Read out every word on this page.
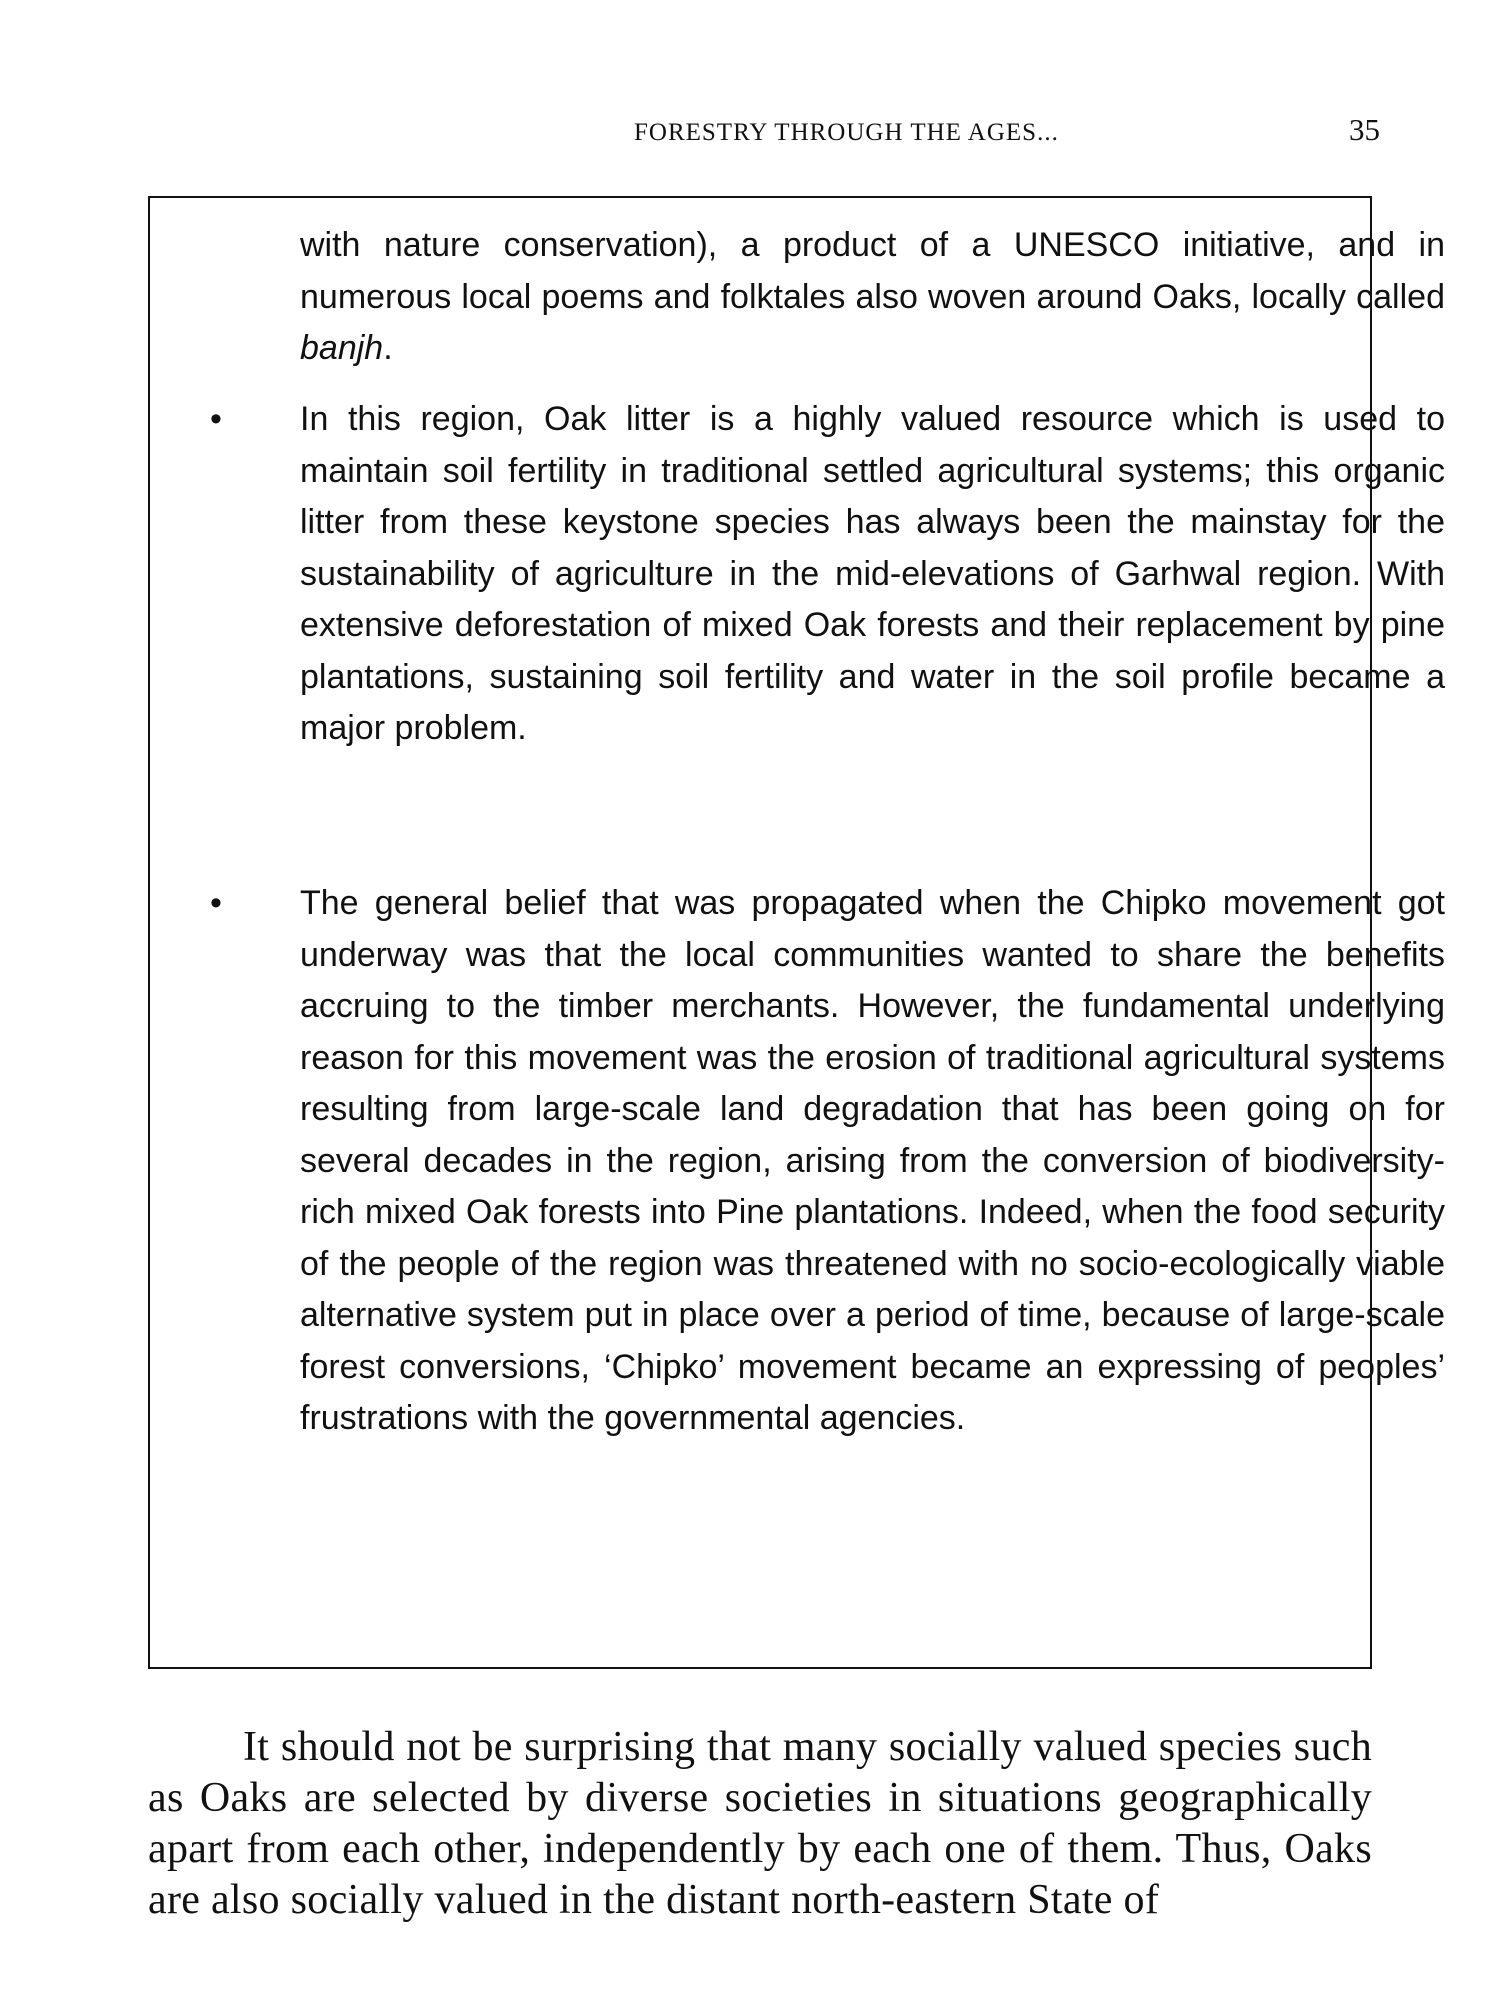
FORESTRY THROUGH THE AGES...	35
with nature conservation), a product of a UNESCO initiative, and in numerous local poems and folktales also woven around Oaks, locally called banjh.
•	In this region, Oak litter is a highly valued resource which is used to maintain soil fertility in traditional settled agricultural systems; this organic litter from these keystone species has always been the mainstay for the sustainability of agriculture in the mid-elevations of Garhwal region. With extensive deforestation of mixed Oak forests and their replacement by pine plantations, sustaining soil fertility and water in the soil profile became a major problem.
•	The general belief that was propagated when the Chipko movement got underway was that the local communities wanted to share the benefits accruing to the timber merchants. However, the fundamental underlying reason for this movement was the erosion of traditional agricultural systems resulting from large-scale land degradation that has been going on for several decades in the region, arising from the conversion of biodiversity-rich mixed Oak forests into Pine plantations. Indeed, when the food security of the people of the region was threatened with no socio-ecologically viable alternative system put in place over a period of time, because of large-scale forest conversions, ‘Chipko’ movement became an expressing of peoples’ frustrations with the governmental agencies.
It should not be surprising that many socially valued species such as Oaks are selected by diverse societies in situations geographically apart from each other, independently by each one of them. Thus, Oaks are also socially valued in the distant north-eastern State of
